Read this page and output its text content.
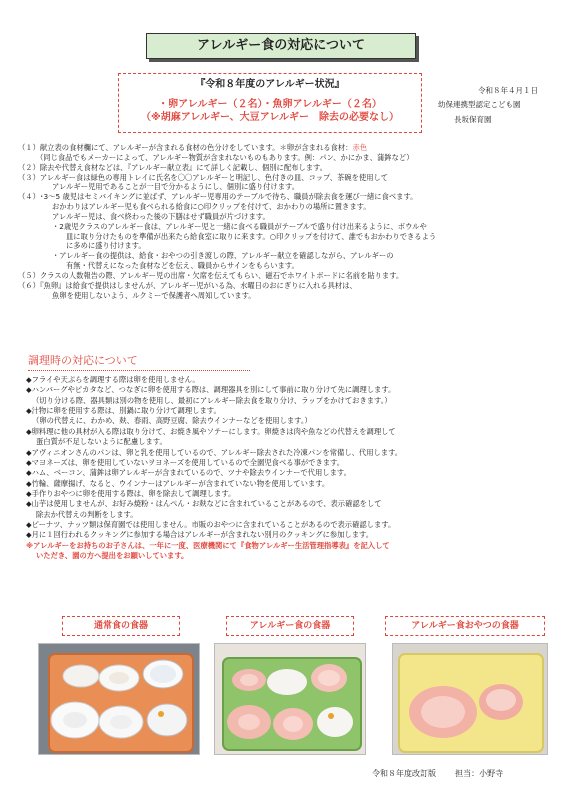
アレルギー食の対応について
『令和８年度のアレルギー状況』
・卵アレルギー（２名）・魚卵アレルギー（２名）
（※胡麻アレルギー、大豆アレルギー　除去の必要なし）
令和８年４月１日
幼保連携型認定こども園
長坂保育園

（１）献立表の食材欄にて、アレルギーが含まれる食材の色分けをしています。＊卵が含まれる食材：赤色

（同じ食品でもメーカーによって、アレルギー物質が含まれないものもあります。例：パン、かにかま、蒲鉾など）

（２）除去や代替え食材などは、『アレルギー献立表』にて詳しく記載し、個別に配布します。

（３）アレルギー食は緑色の専用トレイに氏名を〇〇アレルギーと明記し、色付きの皿、コップ、茶碗を使用して

アレルギー児用であることが一目で分かるようにし、個別に盛り付けます。

（４）･3～5 歳児はセミバイキングに並ばず、アレルギー児専用のテーブルで待ち、職員が除去食を運び一緒に食べます。

おかわりはアレルギー児も食べられる給食に○印クリップを付けて、おかわりの場所に置きます。

アレルギー児は、食べ終わった後の下膳はせず職員が片づけます。

・2歳児クラスのアレルギー食は、アレルギー児と一緒に食べる職員がテーブルで盛り付け出来るように、ボウルや

皿に取り分けたものを準備が出来たら給食室に取りに来ます。○印クリップを付けて、誰でもおかわりできるよう

に多めに盛り付けます。

・アレルギー食の提供は、給食・おやつの引き渡しの際、アレルギー献立を確認しながら、アレルギーの

有無・代替えになった食材などを伝え、職員からサインをもらいます。

（５）クラスの人数報告の際、アレルギー児の出席・欠席を伝えてもらい、磁石でホワイトボードに名前を貼ります。

（６）『魚卵』は給食で提供はしませんが、アレルギー児がいる為、水曜日のおにぎりに入れる具材は、

魚卵を使用しないよう、ルクミーで保護者へ周知しています。

調理時の対応について

◆フライや天ぷらを調理する際は卵を使用しません。

◆ハンバーグやピカタなど、つなぎに卵を使用する際は、調理器具を別にして事前に取り分けて先に調理します。

（切り分ける際、器具類は別の物を使用し、最初にアレルギー除去食を取り分け、ラップをかけておきます。）

◆汁物に卵を使用する際は、別鍋に取り分けて調理します。

（卵の代替えに、わかめ、麸、春雨、高野豆腐、除去ウインナーなどを使用します。）

◆卵料理に他の具材が入る際は取り分けて、お焼き風やソテーにします。卵焼きは肉や魚などの代替えを調理して

蛋白質が不足しないように配慮します。

◆アヴィニオンさんのパンは、卵と乳を使用しているので、アレルギー除去された冷凍パンを常備し、代用します。

◆マヨネーズは、卵を使用していないヲヨネーズを使用しているので全園児食べる事ができます。

◆ハム、ベーコン、蒲鉾は卵アレルギーが含まれているので、ツナや除去ウインナーで代用します。

◆竹輪、薩摩揚げ、なると、ウインナーはアレルギーが含まれていない物を使用しています。

◆手作りおやつに卵を使用する際は、卵を除去して調理します。

◆山芋は使用しませんが、お好み焼粉・はんぺん・お麸などに含まれていることがあるので、表示確認をして

除去か代替えの判断をします。

◆ピーナツ、ナッツ類は保育園では使用しません。市販のおやつに含まれていることがあるので表示確認します。

◆月に１回行われるクッキングに参加する場合はアレルギーが含まれない別月のクッキングに参加します。

※アレルギーをお持ちのお子さんは、一年に一度、医療機関にて『食物アレルギー生活管理指導表』を記入して

いただき、園の方へ提出をお願いしています。

通常食の食器	アレルギー食の食器	アレルギー食おやつの食器
令和８年度改訂版 担当：小野寺
